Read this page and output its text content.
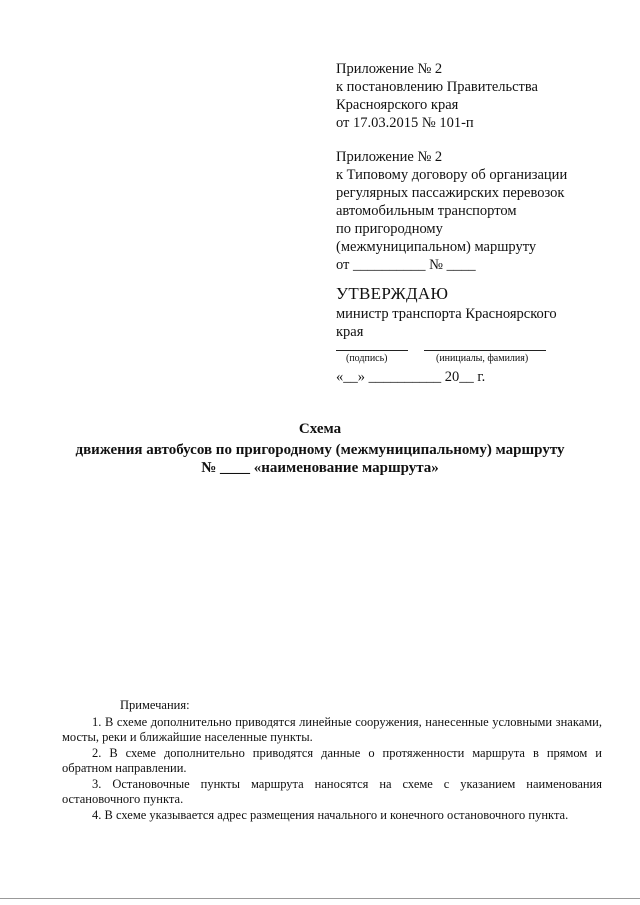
Приложение № 2
к постановлению Правительства
Красноярского края
от 17.03.2015 № 101-п
Приложение № 2
к Типовому договору об организации
регулярных пассажирских перевозок
автомобильным транспортом
по пригородному
(межмуниципальном) маршруту
от __________ № ____
УТВЕРЖДАЮ
министр транспорта Красноярского
края
(подпись)	(инициалы, фамилия)
«__» __________ 20__ г.
Схема
движения автобусов по пригородному (межмуниципальному) маршруту
№ ____ «наименование маршрута»
Примечания:
1. В схеме дополнительно приводятся линейные сооружения, нанесенные условными знаками, мосты, реки и ближайшие населенные пункты.
2. В схеме дополнительно приводятся данные о протяженности маршрута в прямом и обратном направлении.
3. Остановочные пункты маршрута наносятся на схеме с указанием наименования остановочного пункта.
4. В схеме указывается адрес размещения начального и конечного остановочного пункта.
